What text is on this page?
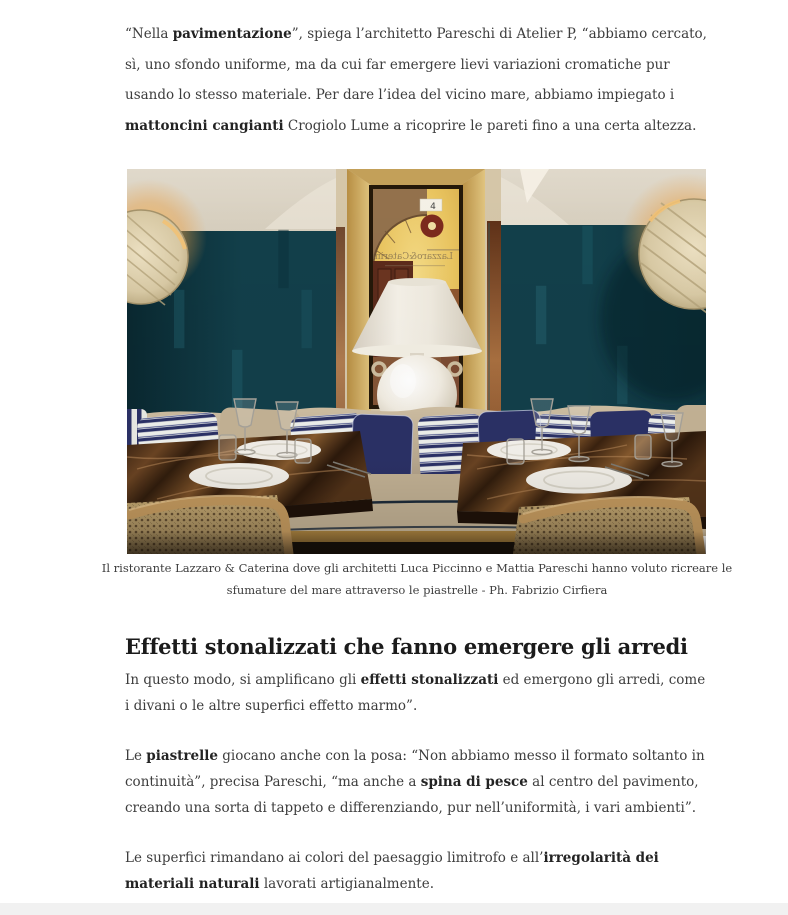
“Nella pavimentazione”, spiega l’architetto Pareschi di Atelier P, “abbiamo cercato, sì, uno sfondo uniforme, ma da cui far emergere lievi variazioni cromatiche pur usando lo stesso materiale. Per dare l’idea del vicino mare, abbiamo impiegato i mattoncini cangianti Crogiolo Lume a ricoprire le pareti fino a una certa altezza.

Il ristorante Lazzaro & Caterina dove gli architetti Luca Piccinno e Mattia Pareschi hanno voluto ricreare le sfumature del mare attraverso le piastrelle - Ph. Fabrizio Cirfiera
Effetti stonalizzati che fanno emergere gli arredi

In questo modo, si amplificano gli effetti stonalizzati ed emergono gli arredi, come i divani o le altre superfici effetto marmo”.

Le piastrelle giocano anche con la posa: “Non abbiamo messo il formato soltanto in continuità”, precisa Pareschi, “ma anche a spina di pesce al centro del pavimento, creando una sorta di tappeto e differenziando, pur nell’uniformità, i vari ambienti”.

Le superfici rimandano ai colori del paesaggio limitrofo e all’irregolarità dei materiali naturali lavorati artigianalmente.
